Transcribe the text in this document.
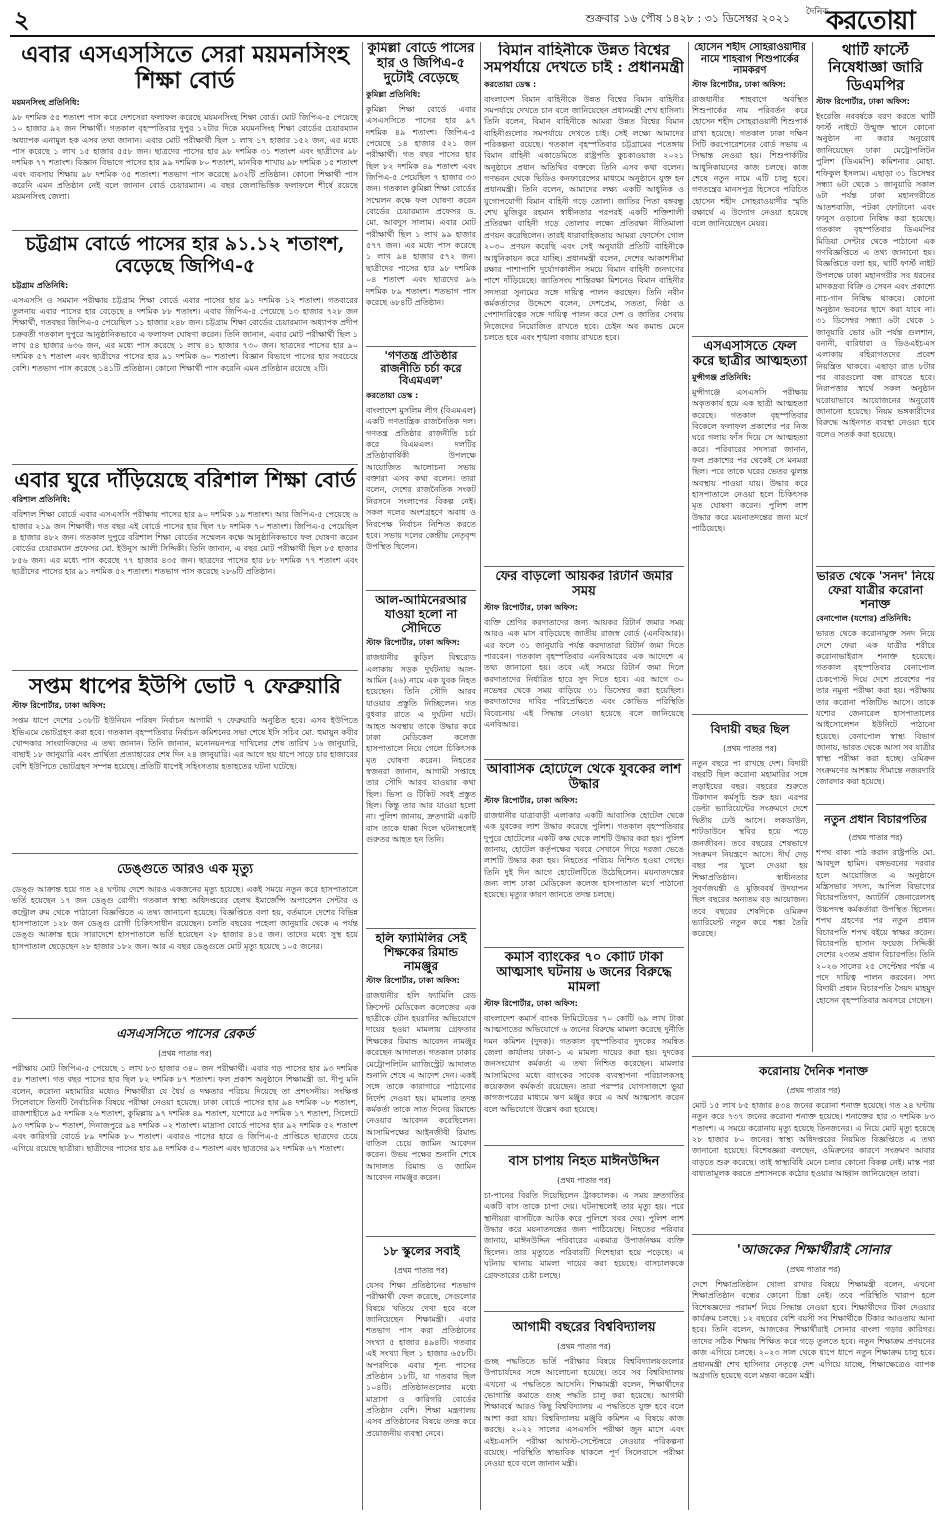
২	শুক্রবার ১৬ পৌষ ১৪২৮ : ৩১ ডিসেম্বর ২০২১ দৈনিক
করতোয়া
এবার এসএসসিতে সেরা ময়মনসিংহ শিক্ষা বোর্ড

ময়মনসিংহ প্রতিনিধি:

৯৮ দশমিক ৫৫ শতাংশ পাস করে দেশসেরা ফলাফল করেছে ময়মনসিংহ শিক্ষা বোর্ড। মোট জিপিএ-৫ পেয়েছে ১০ হাজার ৯২ জন শিক্ষার্থী। গতকাল বৃহস্পতিবার দুপুর ১২টার দিকে ময়মনসিংহ শিক্ষা বোর্ডের চেয়ারম্যান অধ্যাপক এনামুল হক এসব তথ্য জানান। এবার মোট পরীক্ষার্থী ছিল ১ লাখ ১৭ হাজার ১৫২ জন, এর মধ্যে পাস করেছে ১ লাখ ১৫ হাজার ৫৫৮ জন। ছাত্রদের পাসের হার ৯৮ দশমিক ৩১ শতাংশ এবং ছাত্রীদের ৯৮ দশমিক ৭৭ শতাংশ। বিজ্ঞান বিভাগে পাসের হার ৯৯ দশমিক ৮০ শতাংশ, মানবিক শাখায় ৯৮ দশমিক ১৫ শতাংশ এবং ব্যবসায় শিক্ষায় ৯৮ দশমিক ৩৫ শতাংশ। শতভাগ পাস করেছে ৯৩২টি প্রতিষ্ঠান। কোনো শিক্ষার্থী পাস করেনি এমন প্রতিষ্ঠান নেই বলে জানান বোর্ড চেয়ারম্যান। এ বছর জেলাভিত্তিক ফলাফলে শীর্ষে রয়েছে ময়মনসিংহ জেলা।

চট্টগ্রাম বোর্ডে পাসের হার ৯১.১২ শতাংশ, বেড়েছে জিপিএ-৫

চট্টগ্রাম প্রতিনিধি:

এসএসসি ও সমমান পরীক্ষায় চট্টগ্রাম শিক্ষা বোর্ডে এবার পাসের হার ৯১ দশমিক ১২ শতাংশ। গতবারের তুলনায় এবার পাসের হার বেড়েছে ৪ দশমিক ৮৮ শতাংশ। এবার জিপিএ-৫ পেয়েছে ১৩ হাজার ৭২৮ জন শিক্ষার্থী, গতবছর জিপিএ-৫ পেয়েছিল ১১ হাজার ২৪৮ জন। চট্টগ্রাম শিক্ষা বোর্ডের চেয়ারম্যান অধ্যাপক প্রদীপ চক্রবর্তী গতকাল দুপুরে আনুষ্ঠানিকভাবে এ ফলাফল ঘোষণা করেন। তিনি জানান, এবার মোট পরীক্ষার্থী ছিল ১ লাখ ৫৪ হাজার ৬৩৬ জন, এর মধ্যে পাস করেছে ১ লাখ ৪১ হাজার ৭৩০ জন। ছাত্রদের পাসের হার ৯০ দশমিক ৫৭ শতাংশ এবং ছাত্রীদের পাসের হার ৯১ দশমিক ৬০ শতাংশ। বিজ্ঞান বিভাগে পাসের হার সবচেয়ে বেশি। শতভাগ পাস করেছে ১৪১টি প্রতিষ্ঠান। কোনো শিক্ষার্থী পাস করেনি এমন প্রতিষ্ঠান রয়েছে ২টি।

এবার ঘুরে দাঁড়িয়েছে বরিশাল শিক্ষা বোর্ড

বরিশাল প্রতিনিধি:

বরিশাল শিক্ষা বোর্ডে এবার এসএসসি পরীক্ষায় পাসের হার ৯০ দশমিক ১৯ শতাংশ। আর জিপিএ-৫ পেয়েছে ৬ হাজার ২১৯ জন শিক্ষার্থী। গত বছর এই বোর্ডে পাসের হার ছিল ৭৮ দশমিক ৭০ শতাংশ। জিপিএ-৫ পেয়েছিল ৪ হাজার ৪৮২ জন। গতকাল দুপুরে বরিশাল শিক্ষা বোর্ডের সম্মেলন কক্ষে আনুষ্ঠানিকভাবে ফল ঘোষণা করেন বোর্ডের চেয়ারম্যান প্রফেসর মো. ইউনুস আলী সিদ্দিকী। তিনি জানান, এ বছর মোট পরীক্ষার্থী ছিল ৮৫ হাজার ৮৫৬ জন। এর মধ্যে পাস করেছে ৭৭ হাজার ৪৩৫ জন। ছাত্রদের পাসের হার ৮৮ দশমিক ৭৭ শতাংশ এবং ছাত্রীদের পাসের হার ৯১ দশমিক ৫২ শতাংশ। শতভাগ পাস করেছে ২৮৬টি প্রতিষ্ঠান।

সপ্তম ধাপের ইউপি ভোট ৭ ফেব্রুয়ারি

স্টাফ রিপোর্টার, ঢাকা অফিস:

সপ্তম ধাপে দেশের ১৩৮টি ইউনিয়ন পরিষদ নির্বাচন আগামী ৭ ফেব্রুয়ারি অনুষ্ঠিত হবে। এসব ইউপিতে ইভিএমে ভোটগ্রহণ করা হবে। গতকাল বৃহস্পতিবার নির্বাচন কমিশনের সভা শেষে ইসি সচিব মো. হুমায়ুন কবীর খোন্দকার সাংবাদিকদের এ তথ্য জানান। তিনি জানান, মনোনয়নপত্র দাখিলের শেষ তারিখ ১৬ জানুয়ারি, বাছাই ১৮ জানুয়ারি এবং প্রার্থিতা প্রত্যাহারের শেষ দিন ২৪ জানুয়ারি। এর আগে ছয় ধাপে সাড়ে চার হাজারের বেশি ইউপিতে ভোটগ্রহণ সম্পন্ন হয়েছে। প্রতিটি ধাপেই সহিংসতায় হতাহতের ঘটনা ঘটেছে।

ডেঙ্গুতে আরও এক মৃত্যু

ডেঙ্গু আক্রান্ত হয়ে গত ২৪ ঘণ্টায় দেশে আরও একজনের মৃত্যু হয়েছে। একই সময়ে নতুন করে হাসপাতালে ভর্তি হয়েছেন ১৭ জন ডেঙ্গু রোগী। গতকাল স্বাস্থ্য অধিদপ্তরের হেলথ ইমার্জেন্সি অপারেশন সেন্টার ও কন্ট্রোল রুম থেকে পাঠানো বিজ্ঞপ্তিতে এ তথ্য জানানো হয়েছে। বিজ্ঞপ্তিতে বলা হয়, বর্তমানে দেশের বিভিন্ন হাসপাতালে ১২৮ জন ডেঙ্গু রোগী চিকিৎসাধীন রয়েছেন। চলতি বছরের পহেলা জানুয়ারি থেকে এ পর্যন্ত ডেঙ্গু আক্রান্ত হয়ে সারাদেশে হাসপাতালে ভর্তি হয়েছেন ২৮ হাজার ৪১৫ জন। তাদের মধ্যে সুস্থ হয়ে হাসপাতাল ছেড়েছেন ২৮ হাজার ১৮২ জন। আর এ বছর ডেঙ্গুতে মোট মৃত্যু হয়েছে ১০৫ জনের।

এসএসসিতে পাসের রেকর্ড

(প্রথম পাতার পর)

পরীক্ষায় মোট জিপিএ-৫ পেয়েছে ১ লাখ ৮৩ হাজার ৩৪০ জন পরীক্ষার্থী। এবার গড় পাসের হার ৯৩ দশমিক ৫৮ শতাংশ। গত বছর পাসের হার ছিল ৮২ দশমিক ৮৭ শতাংশ। ফল প্রকাশ অনুষ্ঠানে শিক্ষামন্ত্রী ডা. দীপু মনি বলেন, করোনা মহামারির মধ্যেও শিক্ষার্থীরা যে ধৈর্য ও দক্ষতার পরিচয় দিয়েছে তা প্রশংসনীয়। সংক্ষিপ্ত সিলেবাসে তিনটি নৈর্বাচনিক বিষয়ে পরীক্ষা নেওয়া হয়েছে। ঢাকা বোর্ডে পাসের হার ৯৪ দশমিক ০৮ শতাংশ, রাজশাহীতে ৯৫ দশমিক ২৬ শতাংশ, কুমিল্লায় ৯৭ দশমিক ৪৯ শতাংশ, যশোরে ৯৫ দশমিক ১৭ শতাংশ, সিলেটে ৯৩ দশমিক ৮০ শতাংশ, দিনাজপুরে ৯৪ দশমিক ০২ শতাংশ। মাদ্রাসা বোর্ডে পাসের হার ৯২ দশমিক ৫২ শতাংশ এবং কারিগরি বোর্ডে ৮৯ দশমিক ৮০ শতাংশ। এবারও পাসের হারে ও জিপিএ-৫ প্রাপ্তিতে ছাত্রদের চেয়ে এগিয়ে রয়েছে ছাত্রীরা। ছাত্রীদের পাসের হার ৯৪ দশমিক ৫০ শতাংশ এবং ছাত্রদের ৯২ দশমিক ৬৭ শতাংশ।

কুমিল্লা বোর্ডে পাসের হার ও জিপিএ-৫ দুটোই বেড়েছে

কুমিল্লা প্রতিনিধি:

কুমিল্লা শিক্ষা বোর্ডে এবার এসএসসিতে পাসের হার ৯৭ দশমিক ৪৯ শতাংশ। জিপিএ-৫ পেয়েছে ১৪ হাজার ৫২১ জন পরীক্ষার্থী। গত বছর পাসের হার ছিল ৮২ দশমিক ৪৯ শতাংশ এবং জিপিএ-৫ পেয়েছিল ৭ হাজার ৩৩ জন। গতকাল কুমিল্লা শিক্ষা বোর্ডের সম্মেলন কক্ষে ফল ঘোষণা করেন বোর্ডের চেয়ারম্যান প্রফেসর ড. মো. আবদুস সালাম। এবার মোট পরীক্ষার্থী ছিল ১ লাখ ৯৯ হাজার ৫৭৭ জন। এর মধ্যে পাস করেছে ১ লাখ ৯৪ হাজার ৫৭২ জন। ছাত্রীদের পাসের হার ৯৮ দশমিক ০৪ শতাংশ এবং ছাত্রদের ৯৬ দশমিক ৮৯ শতাংশ। শতভাগ পাস করেছে ৬৮৪টি প্রতিষ্ঠান।

'গণতন্ত্র প্রতিষ্ঠার রাজনীতি চর্চা করে বিএমএল'

করতোয়া ডেস্ক :

বাংলাদেশ মুসলিম লীগ (বিএমএল) একটি গণতান্ত্রিক রাজনৈতিক দল। গণতন্ত্র প্রতিষ্ঠার রাজনীতি চর্চা করে বিএমএল। দলটির প্রতিষ্ঠাবার্ষিকী উপলক্ষে আয়োজিত আলোচনা সভায় বক্তারা এসব কথা বলেন। তারা বলেন, দেশের রাজনৈতিক সংকট নিরসনে সংলাপের বিকল্প নেই। সকল দলের অংশগ্রহণে অবাধ ও নিরপেক্ষ নির্বাচন নিশ্চিত করতে হবে। সভায় দলের কেন্দ্রীয় নেতৃবৃন্দ উপস্থিত ছিলেন।

আল-আমিনেরআর যাওয়া হলো না সৌদিতে

স্টাফ রিপোর্টার, ঢাকা অফিস:

রাজধানীর কুড়িল বিশ্বরোড এলাকায় সড়ক দুর্ঘটনায় আল-আমিন (২৬) নামে এক যুবক নিহত হয়েছেন। তিনি সৌদি আরব যাওয়ার প্রস্তুতি নিচ্ছিলেন। গত বুধবার রাতে এ দুর্ঘটনা ঘটে। আহত অবস্থায় তাকে উদ্ধার করে ঢাকা মেডিকেল কলেজ হাসপাতালে নিয়ে গেলে চিকিৎসক মৃত ঘোষণা করেন। নিহতের স্বজনরা জানান, আগামী সপ্তাহে তার সৌদি আরব যাওয়ার কথা ছিল। ভিসা ও টিকিট সবই প্রস্তুত ছিল। কিন্তু তার আর যাওয়া হলো না। পুলিশ জানায়, দ্রুতগামী একটি বাস তাকে ধাক্কা দিলে ঘটনাস্থলেই গুরুতর আহত হন তিনি।

হলি ফ্যামিলির সেই শিক্ষকের রিমান্ড নামঞ্জুর

স্টাফ রিপোর্টার, ঢাকা অফিস:

রাজধানীর হলি ফ্যামিলি রেড ক্রিসেন্ট মেডিকেল কলেজের এক ছাত্রীকে যৌন হয়রানির অভিযোগে দায়ের হওয়া মামলায় গ্রেফতার শিক্ষকের রিমান্ড আবেদন নামঞ্জুর করেছেন আদালত। গতকাল ঢাকার মেট্রোপলিটন ম্যাজিস্ট্রেট আদালত শুনানি শেষে এ আদেশ দেন। একই সঙ্গে তাকে কারাগারে পাঠানোর নির্দেশ দেওয়া হয়। মামলার তদন্ত কর্মকর্তা তাকে সাত দিনের রিমান্ডে নেওয়ার আবেদন করেছিলেন। আসামিপক্ষের আইনজীবী রিমান্ড বাতিল চেয়ে জামিন আবেদন করেন। উভয় পক্ষের শুনানি শেষে আদালত রিমান্ড ও জামিন আবেদন নামঞ্জুর করেন।

১৮ স্কুলের সবাই

(প্রথম পাতার পর)

যেসব শিক্ষা প্রতিষ্ঠানের শতভাগ পরীক্ষার্থী ফেল করেছে, সেগুলোর বিষয়ে খতিয়ে দেখা হবে বলে জানিয়েছেন শিক্ষামন্ত্রী। এবার শতভাগ পাস করা প্রতিষ্ঠানের সংখ্যা ৫ হাজার ৪৯৪টি। গতবার এই সংখ্যা ছিল ১ হাজার ৬৫৮টি। অপরদিকে এবার শূন্য পাসের প্রতিষ্ঠান ১৮টি, যা গতবার ছিল ১০৪টি। প্রতিষ্ঠানগুলোর মধ্যে মাদ্রাসা ও কারিগরি বোর্ডের প্রতিষ্ঠান বেশি। শিক্ষা মন্ত্রণালয় এসব প্রতিষ্ঠানের বিষয়ে তদন্ত করে প্রয়োজনীয় ব্যবস্থা নেবে।

বিমান বাহিনীকে উন্নত বিশ্বের সমপর্যায়ে দেখতে চাই : প্রধানমন্ত্রী

করতোয়া ডেস্ক :

বাংলাদেশ বিমান বাহিনীকে উন্নত বিশ্বের বিমান বাহিনীর সমপর্যায়ে দেখতে চান বলে জানিয়েছেন প্রধানমন্ত্রী শেখ হাসিনা। তিনি বলেন, বিমান বাহিনীকে আমরা উন্নত বিশ্বের বিমান বাহিনীগুলোর সমপর্যায়ে দেখতে চাই। সেই লক্ষ্যে আমাদের পরিকল্পনা রয়েছে। গতকাল বৃহস্পতিবার চট্টগ্রামের পতেঙ্গায় বিমান বাহিনী একাডেমিতে রাষ্ট্রপতি কুচকাওয়াজ ২০২১ অনুষ্ঠানে প্রধান অতিথির বক্তব্যে তিনি এসব কথা বলেন। গণভবন থেকে ভিডিও কনফারেন্সের মাধ্যমে অনুষ্ঠানে যুক্ত হন প্রধানমন্ত্রী। তিনি বলেন, আমাদের লক্ষ্য একটি আধুনিক ও যুগোপযোগী বিমান বাহিনী গড়ে তোলা। জাতির পিতা বঙ্গবন্ধু শেখ মুজিবুর রহমান স্বাধীনতার পরপরই একটি শক্তিশালী প্রতিরক্ষা বাহিনী গড়ে তোলার লক্ষ্যে প্রতিরক্ষা নীতিমালা প্রণয়ন করেছিলেন। তারই ধারাবাহিকতায় আমরা ফোর্সেস গোল ২০৩০ প্রণয়ন করেছি এবং সেই অনুযায়ী প্রতিটি বাহিনীকে আধুনিকায়ন করে যাচ্ছি। প্রধানমন্ত্রী বলেন, দেশের আকাশসীমা রক্ষার পাশাপাশি দুর্যোগকালীন সময়ে বিমান বাহিনী জনগণের পাশে দাঁড়িয়েছে। জাতিসংঘ শান্তিরক্ষা মিশনেও বিমান বাহিনীর সদস্যরা সুনামের সঙ্গে দায়িত্ব পালন করছেন। তিনি নবীন কর্মকর্তাদের উদ্দেশে বলেন, দেশপ্রেম, সততা, নিষ্ঠা ও পেশাদারিত্বের সঙ্গে দায়িত্ব পালন করে দেশ ও জাতির সেবায় নিজেদের নিয়োজিত রাখতে হবে। চেইন অব কমান্ড মেনে চলতে হবে এবং শৃঙ্খলা বজায় রাখতে হবে।

ফের বাড়লো আয়কর রিটার্ন জমার সময়

স্টাফ রিপোর্টার, ঢাকা অফিস:

ব্যক্তি শ্রেণির করদাতাদের জন্য আয়কর রিটার্ন জমার সময় আরও এক মাস বাড়িয়েছে জাতীয় রাজস্ব বোর্ড (এনবিআর)। এর ফলে ৩১ জানুয়ারি পর্যন্ত করদাতারা রিটার্ন জমা দিতে পারবেন। গতকাল বৃহস্পতিবার এনবিআরের এক আদেশে এ তথ্য জানানো হয়। তবে এই সময়ে রিটার্ন জমা দিলে করদাতাদের নির্ধারিত হারে সুদ দিতে হবে। এর আগে ৩০ নভেম্বর থেকে সময় বাড়িয়ে ৩১ ডিসেম্বর করা হয়েছিল। করদাতাদের দাবির পরিপ্রেক্ষিতে এবং কোভিড পরিস্থিতি বিবেচনায় এই সিদ্ধান্ত নেওয়া হয়েছে বলে জানিয়েছে এনবিআর।

আবাসিক হোটেলে থেকে যুবকের লাশ উদ্ধার

স্টাফ রিপোর্টার, ঢাকা অফিস:

রাজধানীর যাত্রাবাড়ী এলাকার একটি আবাসিক হোটেল থেকে এক যুবকের লাশ উদ্ধার করেছে পুলিশ। গতকাল বৃহস্পতিবার দুপুরে হোটেলের একটি কক্ষ থেকে লাশটি উদ্ধার করা হয়। পুলিশ জানায়, হোটেল কর্তৃপক্ষের খবরে সেখানে গিয়ে দরজা ভেঙে লাশটি উদ্ধার করা হয়। নিহতের পরিচয় নিশ্চিত হওয়া গেছে। তিনি দুই দিন আগে হোটেলটিতে উঠেছিলেন। ময়নাতদন্তের জন্য লাশ ঢাকা মেডিকেল কলেজ হাসপাতাল মর্গে পাঠানো হয়েছে। মৃত্যুর কারণ জানতে তদন্ত চলছে।

কমার্স ব্যাংকের ৭০ কোটি টাকা আত্মসাৎ ঘটনায় ৬ জনের বিরুদ্ধে মামলা

স্টাফ রিপোর্টার, ঢাকা অফিস:

বাংলাদেশ কমার্স ব্যাংক লিমিটেডের ৭০ কোটি ৬৯ লাখ টাকা আত্মসাতের অভিযোগে ৬ জনের বিরুদ্ধে মামলা করেছে দুর্নীতি দমন কমিশন (দুদক)। গতকাল বৃহস্পতিবার দুদকের সমন্বিত জেলা কার্যালয় ঢাকা-১ এ মামলা দায়ের করা হয়। দুদকের জনসংযোগ কর্মকর্তা এ তথ্য নিশ্চিত করেছেন। মামলার আসামিদের মধ্যে ব্যাংকের সাবেক ব্যবস্থাপনা পরিচালকসহ কয়েকজন কর্মকর্তা রয়েছেন। তারা পরস্পর যোগসাজশে ভুয়া কাগজপত্রের মাধ্যমে ঋণ মঞ্জুর করে এ অর্থ আত্মসাৎ করেন বলে অভিযোগে উল্লেখ করা হয়েছে।

বাস চাপায় নিহত মাঈনউদ্দিন

(প্রথম পাতার পর)

চা-পানের বিরতি দিয়েছিলেন ট্রাকচালক। এ সময় দ্রুতগতির একটি বাস তাকে চাপা দেয়। ঘটনাস্থলেই তার মৃত্যু হয়। পরে স্থানীয়রা বাসটিকে আটক করে পুলিশে খবর দেয়। পুলিশ লাশ উদ্ধার করে ময়নাতদন্তের জন্য পাঠিয়েছে। নিহতের পরিবার জানায়, মাঈনউদ্দিন পরিবারের একমাত্র উপার্জনক্ষম ব্যক্তি ছিলেন। তার মৃত্যুতে পরিবারটি দিশেহারা হয়ে পড়েছে। এ ঘটনায় থানায় মামলা দায়ের করা হয়েছে। বাসচালককে গ্রেফতারের চেষ্টা চলছে।

আগামী বছরের বিশ্ববিদ্যালয়

(প্রথম পাতার পর)

গুচ্ছ পদ্ধতিতে ভর্তি পরীক্ষার বিষয়ে বিশ্ববিদ্যালয়গুলোর উপাচার্যদের সঙ্গে আলোচনা হয়েছে। তবে সব বিশ্ববিদ্যালয় এখনো এ পদ্ধতিতে আসেনি। শিক্ষামন্ত্রী বলেন, শিক্ষার্থীদের ভোগান্তি কমাতে গুচ্ছ পদ্ধতি চালু করা হয়েছে। আগামী শিক্ষাবর্ষে আরও কিছু বিশ্ববিদ্যালয় এ পদ্ধতিতে যুক্ত হবে বলে আশা করা যায়। বিশ্ববিদ্যালয় মঞ্জুরি কমিশন এ বিষয়ে কাজ করছে। ২০২২ সালের এসএসসি পরীক্ষা জুন মাসে এবং এইচএসসি পরীক্ষা আগস্ট-সেপ্টেম্বরে নেওয়ার পরিকল্পনা রয়েছে। পরিস্থিতি স্বাভাবিক থাকলে পূর্ণ সিলেবাসে পরীক্ষা নেওয়া হবে বলে জানান মন্ত্রী।

হোসেন শহীদ সোহরাওয়ার্দীর নামে শাহবাগ শিশুপার্কের নামকরণ

স্টাফ রিপোর্টার, ঢাকা অফিস:

রাজধানীর শাহবাগে অবস্থিত শিশুপার্কের নাম পরিবর্তন করে হোসেন শহীদ সোহরাওয়ার্দী শিশুপার্ক রাখা হয়েছে। গতকাল ঢাকা দক্ষিণ সিটি করপোরেশনের বোর্ড সভায় এ সিদ্ধান্ত নেওয়া হয়। শিশুপার্কটির আধুনিকায়নের কাজ চলছে। কাজ শেষে নতুন নামে এটি চালু হবে। গণতন্ত্রের মানসপুত্র হিসেবে পরিচিত হোসেন শহীদ সোহরাওয়ার্দীর স্মৃতি রক্ষার্থে এ উদ্যোগ নেওয়া হয়েছে বলে জানিয়েছেন মেয়র।

এসএসসিতে ফেল করে ছাত্রীর আত্মহত্যা

মুন্সীগঞ্জ প্রতিনিধি:

মুন্সীগঞ্জে এসএসসি পরীক্ষায় অকৃতকার্য হয়ে এক ছাত্রী আত্মহত্যা করেছে। গতকাল বৃহস্পতিবার বিকেলে ফলাফল প্রকাশের পর নিজ ঘরে গলায় ফাঁস দিয়ে সে আত্মহত্যা করে। পরিবারের সদস্যরা জানান, ফল প্রকাশের পর থেকেই সে মনমরা ছিল। পরে তাকে ঘরের ভেতর ঝুলন্ত অবস্থায় পাওয়া যায়। উদ্ধার করে হাসপাতালে নেওয়া হলে চিকিৎসক মৃত ঘোষণা করেন। পুলিশ লাশ উদ্ধার করে ময়নাতদন্তের জন্য মর্গে পাঠিয়েছে।

বিদায়ী বছর ছিল

(প্রথম পাতার পর)

নতুন বছরে পা রাখছে দেশ। বিদায়ী বছরটি ছিল করোনা মহামারির সঙ্গে লড়াইয়ের বছর। বছরের শুরুতে টিকাদান কর্মসূচি শুরু হয়। এরপর ডেল্টা ভ্যারিয়েন্টের সংক্রমণে দেশে দ্বিতীয় ঢেউ আসে। লকডাউন, শাটডাউনে স্থবির হয়ে পড়ে জনজীবন। তবে বছরের শেষভাগে সংক্রমণ নিয়ন্ত্রণে আসে। দীর্ঘ দেড় বছর পর খুলে দেওয়া হয় শিক্ষাপ্রতিষ্ঠান। স্বাধীনতার সুবর্ণজয়ন্তী ও মুজিববর্ষ উদযাপন ছিল বছরের অন্যতম বড় আয়োজন। তবে বছরের শেষদিকে ওমিক্রন ভ্যারিয়েন্ট নতুন করে শঙ্কা তৈরি করেছে।

থার্টি ফার্স্টে নিষেধাজ্ঞা জারি ডিএমপির

স্টাফ রিপোর্টার, ঢাকা অফিস:

ইংরেজি নববর্ষকে বরণ করতে থার্টি ফার্স্ট নাইটে উন্মুক্ত স্থানে কোনো অনুষ্ঠান না করার অনুরোধ জানিয়েছেন ঢাকা মেট্রোপলিটন পুলিশ (ডিএমপি) কমিশনার মোহা. শফিকুল ইসলাম। এছাড়া ৩১ ডিসেম্বর সন্ধ্যা ৬টা থেকে ১ জানুয়ারি সকাল ৬টা পর্যন্ত ঢাকা মহানগরীতে আতশবাজি, পটকা ফোটানো এবং ফানুস ওড়ানো নিষিদ্ধ করা হয়েছে। গতকাল বৃহস্পতিবার ডিএমপির মিডিয়া সেন্টার থেকে পাঠানো এক গণবিজ্ঞপ্তিতে এ তথ্য জানানো হয়। বিজ্ঞপ্তিতে বলা হয়, থার্টি ফার্স্ট নাইট উপলক্ষে ঢাকা মহানগরীর সব ধরনের মাদকদ্রব্য বিক্রি ও সেবন এবং প্রকাশ্যে নাচ-গান নিষিদ্ধ থাকবে। কোনো অনুষ্ঠান ভবনের ছাদে করা যাবে না। ৩১ ডিসেম্বর সন্ধ্যা ৬টা থেকে ১ জানুয়ারি ভোর ৬টা পর্যন্ত গুলশান, বনানী, বারিধারা ও ডিওএইচএস এলাকায় বহিরাগতদের প্রবেশ নিয়ন্ত্রিত থাকবে। এছাড়া রাত ৮টার পর বারগুলো বন্ধ রাখতে হবে। নিরাপত্তার স্বার্থে সকল অনুষ্ঠান ঘরোয়াভাবে আয়োজনের অনুরোধ জানানো হয়েছে। নিয়ম ভঙ্গকারীদের বিরুদ্ধে আইনগত ব্যবস্থা নেওয়া হবে বলেও সতর্ক করা হয়েছে।

ভারত থেকে 'সনদ' নিয়ে ফেরা যাত্রীর করোনা শনাক্ত

বেনাপোল (যশোর) প্রতিনিধি:

ভারত থেকে করোনামুক্ত সনদ নিয়ে দেশে ফেরা এক যাত্রীর শরীরে করোনাভাইরাস শনাক্ত হয়েছে। গতকাল বৃহস্পতিবার বেনাপোল চেকপোস্ট দিয়ে দেশে প্রবেশের পর তার নমুনা পরীক্ষা করা হয়। পরীক্ষায় তার করোনা পজিটিভ আসে। তাকে যশোর জেনারেল হাসপাতালের আইসোলেশন ইউনিটে পাঠানো হয়েছে। বেনাপোল স্বাস্থ্য বিভাগ জানায়, ভারত থেকে আসা সব যাত্রীর স্বাস্থ্য পরীক্ষা করা হচ্ছে। ওমিক্রন সংক্রমণের আশঙ্কায় সীমান্তে নজরদারি জোরদার করা হয়েছে।

নতুন প্রধান বিচারপতির

(প্রথম পাতার পর)

শপথ বাক্য পাঠ করান রাষ্ট্রপতি মো. আবদুল হামিদ। বঙ্গভবনের দরবার হলে আয়োজিত এ অনুষ্ঠানে মন্ত্রিসভার সদস্য, আপিল বিভাগের বিচারপতিগণ, অ্যাটর্নি জেনারেলসহ উচ্চপদস্থ কর্মকর্তারা উপস্থিত ছিলেন। শপথ গ্রহণের পর নতুন প্রধান বিচারপতি শপথ বইয়ে স্বাক্ষর করেন। বিচারপতি হাসান ফয়েজ সিদ্দিকী দেশের ২৩তম প্রধান বিচারপতি। তিনি ২০২৬ সালের ২৫ সেপ্টেম্বর পর্যন্ত এ পদে দায়িত্ব পালন করবেন। সদ্য বিদায়ী প্রধান বিচারপতি সৈয়দ মাহমুদ হোসেন বৃহস্পতিবার অবসরে গেছেন।

করোনায় দৈনিক শনাক্ত

(প্রথম পাতার পর)

মোট ১৫ লাখ ৮৫ হাজার ৪৩৪ জনের করোনা শনাক্ত হয়েছে। গত ২৪ ঘণ্টায় নতুন করে ৭৩৭ জনের করোনা শনাক্ত হয়েছে। শনাক্তের হার ৩ দশমিক ৮৩ শতাংশ। এ সময়ে করোনায় মৃত্যু হয়েছে তিনজনের। এ নিয়ে মোট মৃত্যু হয়েছে ২৮ হাজার ৮০ জনের। স্বাস্থ্য অধিদপ্তরের নিয়মিত বিজ্ঞপ্তিতে এ তথ্য জানানো হয়েছে। বিশেষজ্ঞরা বলছেন, ওমিক্রনের কারণে সংক্রমণ আবার বাড়তে শুরু করেছে। তাই স্বাস্থ্যবিধি মেনে চলার কোনো বিকল্প নেই। মাস্ক পরা বাধ্যতামূলক করতে প্রশাসনকে কঠোর হওয়ার আহ্বান জানিয়েছেন তারা।

'আজকের শিক্ষার্থীরাই সোনার

(প্রথম পাতার পর)

দেশে শিক্ষাপ্রতিষ্ঠান খোলা রাখার বিষয়ে শিক্ষামন্ত্রী বলেন, এখনো শিক্ষাপ্রতিষ্ঠান বন্ধের কোনো চিন্তা নেই। তবে পরিস্থিতি খারাপ হলে বিশেষজ্ঞদের পরামর্শ নিয়ে সিদ্ধান্ত নেওয়া হবে। শিক্ষার্থীদের টিকা দেওয়ার কার্যক্রম চলছে। ১২ বছরের বেশি বয়সী সব শিক্ষার্থীকে টিকার আওতায় আনা হবে। তিনি বলেন, আজকের শিক্ষার্থীরাই সোনার বাংলা গড়ার কারিগর। তাদের সঠিক শিক্ষায় শিক্ষিত করে গড়ে তুলতে হবে। নতুন শিক্ষাক্রম প্রণয়নের কাজ এগিয়ে চলছে। ২০২৩ সাল থেকে ধাপে ধাপে নতুন শিক্ষাক্রম চালু হবে। প্রধানমন্ত্রী শেখ হাসিনার নেতৃত্বে দেশ এগিয়ে যাচ্ছে, শিক্ষাক্ষেত্রেও ব্যাপক অগ্রগতি হয়েছে বলে মন্তব্য করেন মন্ত্রী।
